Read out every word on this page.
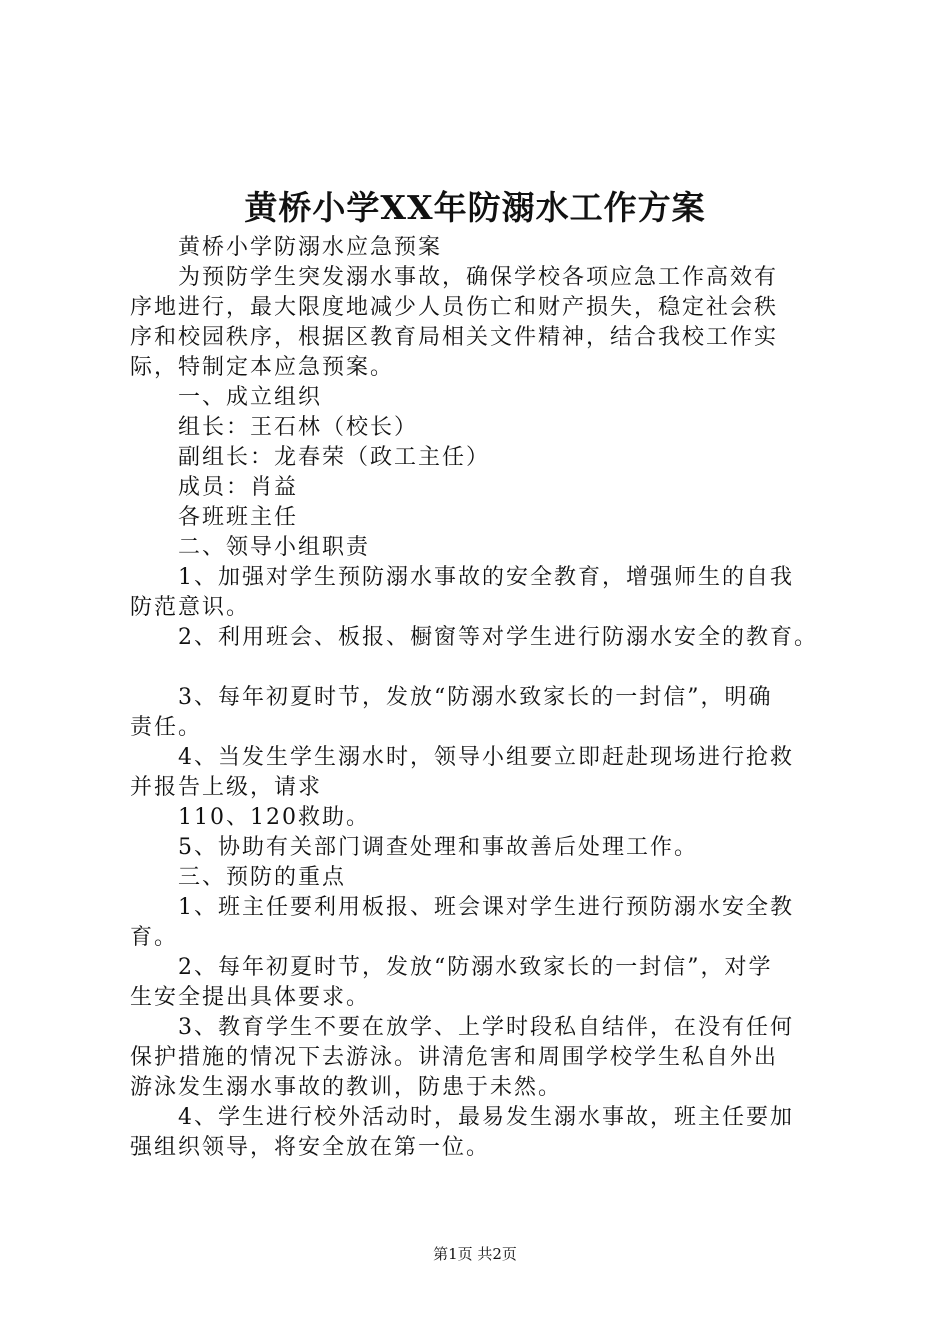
黄桥小学XX年防溺水工作方案
黄桥小学防溺水应急预案
为预防学生突发溺水事故，确保学校各项应急工作高效有
序地进行，最大限度地减少人员伤亡和财产损失，稳定社会秩
序和校园秩序，根据区教育局相关文件精神，结合我校工作实
际，特制定本应急预案。
一、成立组织
组长：王石林（校长）
副组长：龙春荣（政工主任）
成员：肖益
各班班主任
二、领导小组职责
1、加强对学生预防溺水事故的安全教育，增强师生的自我
防范意识。
2、利用班会、板报、橱窗等对学生进行防溺水安全的教育。
3、每年初夏时节，发放“防溺水致家长的一封信”，明确
责任。
4、当发生学生溺水时，领导小组要立即赶赴现场进行抢救
并报告上级，请求
110、120救助。
5、协助有关部门调查处理和事故善后处理工作。
三、预防的重点
1、班主任要利用板报、班会课对学生进行预防溺水安全教
育。
2、每年初夏时节，发放“防溺水致家长的一封信”，对学
生安全提出具体要求。
3、教育学生不要在放学、上学时段私自结伴，在没有任何
保护措施的情况下去游泳。讲清危害和周围学校学生私自外出
游泳发生溺水事故的教训，防患于未然。
4、学生进行校外活动时，最易发生溺水事故，班主任要加
强组织领导，将安全放在第一位。
第1页 共2页
